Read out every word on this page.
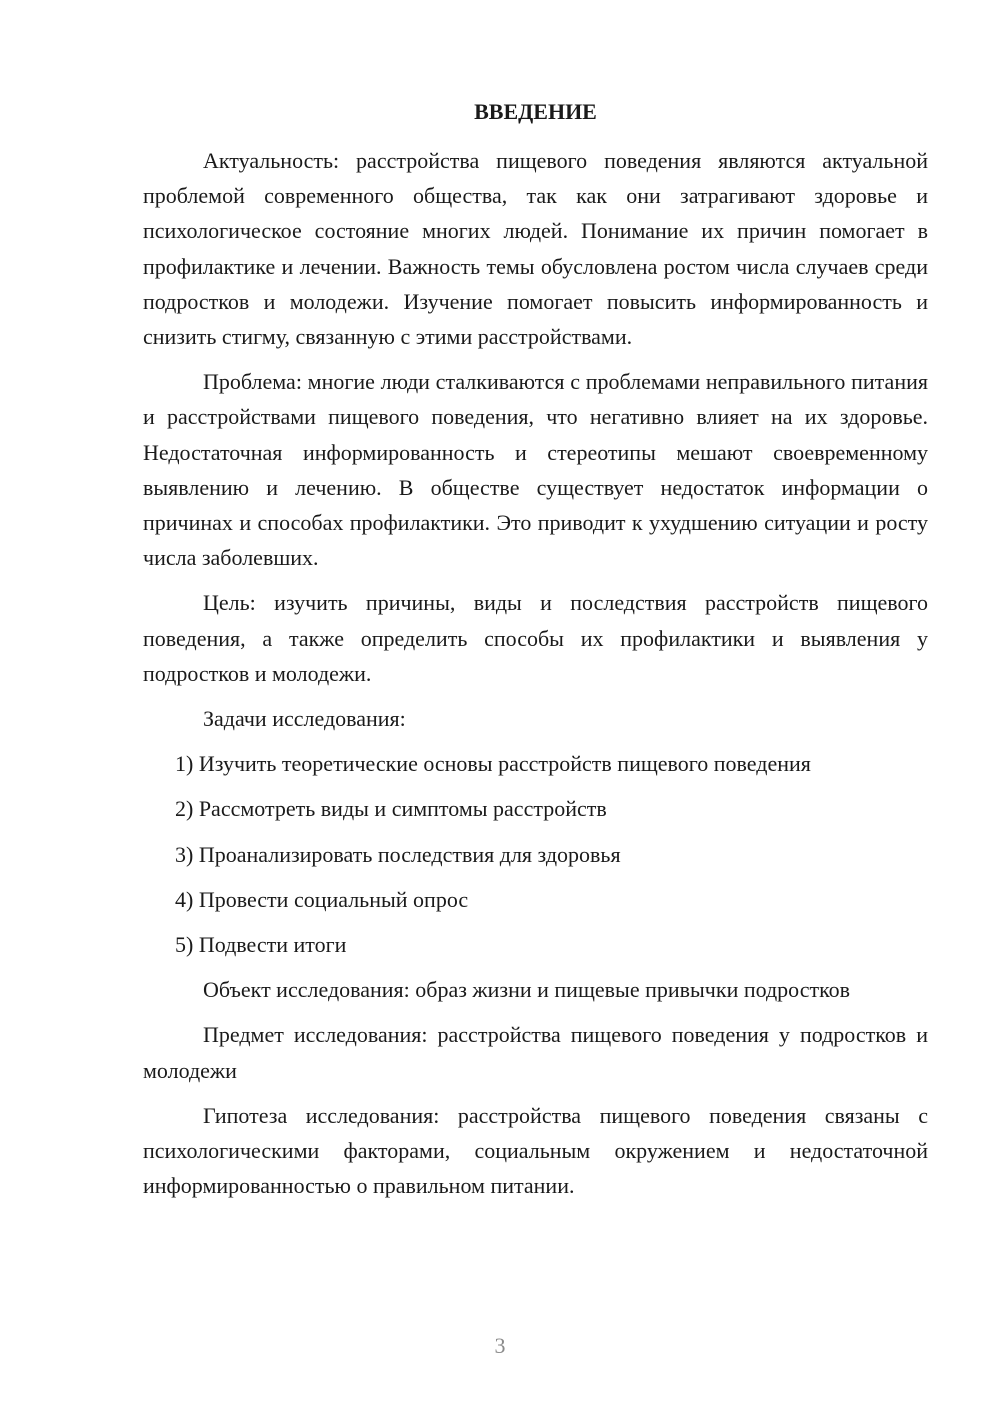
ВВЕДЕНИЕ

Актуальность: расстройства пищевого поведения являются актуальной проблемой современного общества, так как они затрагивают здоровье и психологическое состояние многих людей. Понимание их причин помогает в профилактике и лечении. Важность темы обусловлена ростом числа случаев среди подростков и молодежи. Изучение помогает повысить информированность и снизить стигму, связанную с этими расстройствами.

Проблема: многие люди сталкиваются с проблемами неправильного питания и расстройствами пищевого поведения, что негативно влияет на их здоровье. Недостаточная информированность и стереотипы мешают своевременному выявлению и лечению. В обществе существует недостаток информации о причинах и способах профилактики. Это приводит к ухудшению ситуации и росту числа заболевших.

Цель: изучить причины, виды и последствия расстройств пищевого поведения, а также определить способы их профилактики и выявления у подростков и молодежи.

Задачи исследования:

1) Изучить теоретические основы расстройств пищевого поведения
2) Рассмотреть виды и симптомы расстройств
3) Проанализировать последствия для здоровья
4) Провести социальный опрос
5) Подвести итоги

Объект исследования: образ жизни и пищевые привычки подростков

Предмет исследования: расстройства пищевого поведения у подростков и молодежи

Гипотеза исследования: расстройства пищевого поведения связаны с психологическими факторами, социальным окружением и недостаточной информированностью о правильном питании.

3
